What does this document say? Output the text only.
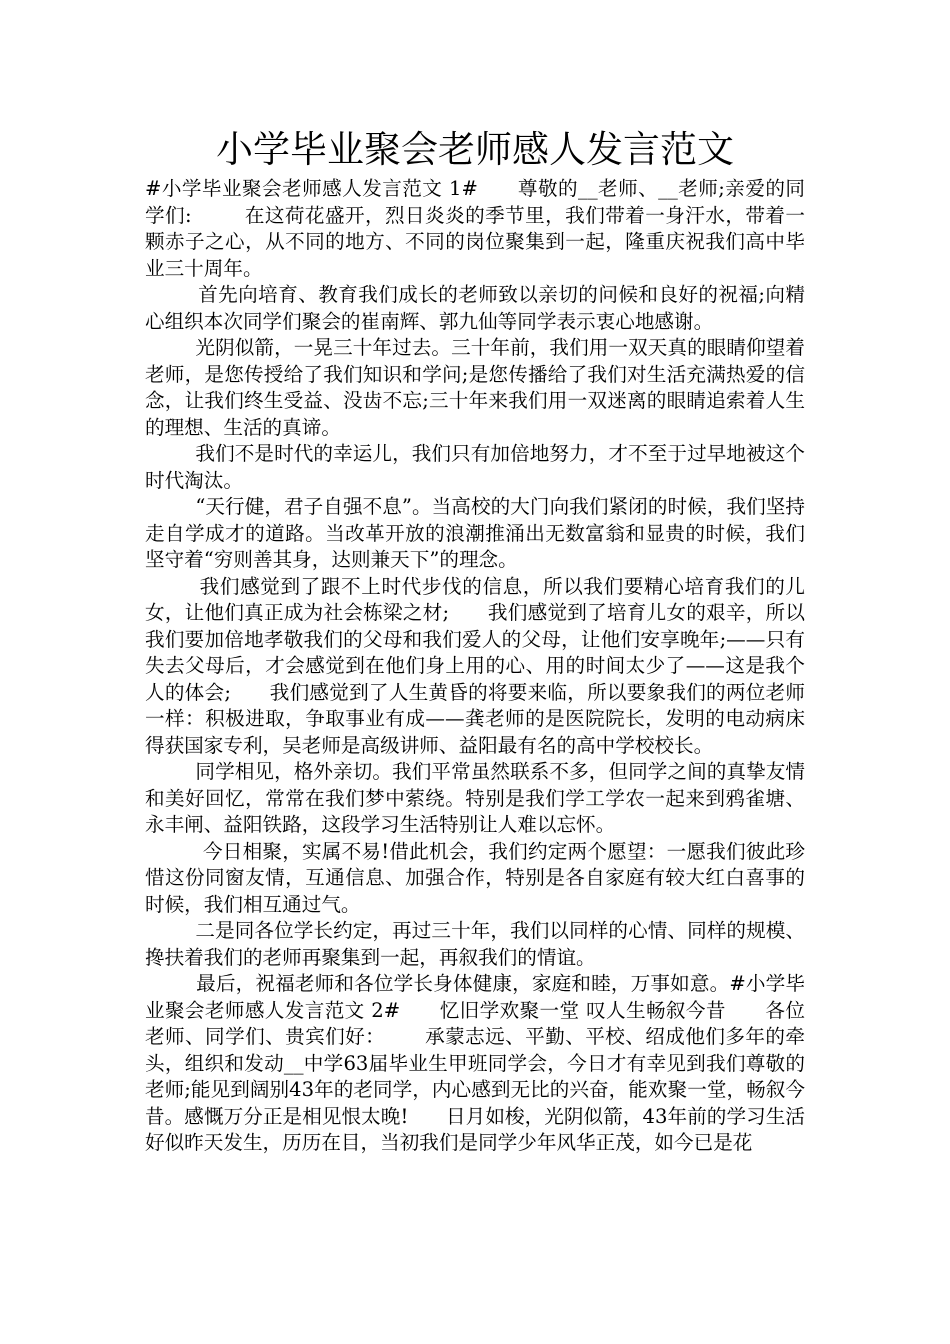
小学毕业聚会老师感人发言范文

#小学毕业聚会老师感人发言范文 1#      尊敬的__老师、__老师;亲爱的同学们:        在这荷花盛开，烈日炎炎的季节里，我们带着一身汗水，带着一颗赤子之心，从不同的地方、不同的岗位聚集到一起，隆重庆祝我们高中毕业三十周年。

首先向培育、教育我们成长的老师致以亲切的问候和良好的祝福;向精心组织本次同学们聚会的崔南辉、郭九仙等同学表示衷心地感谢。

光阴似箭，一晃三十年过去。三十年前，我们用一双天真的眼睛仰望着老师，是您传授给了我们知识和学问;是您传播给了我们对生活充满热爱的信念，让我们终生受益、没齿不忘;三十年来我们用一双迷离的眼睛追索着人生的理想、生活的真谛。

我们不是时代的幸运儿，我们只有加倍地努力，才不至于过早地被这个时代淘汰。

“天行健，君子自强不息”。当高校的大门向我们紧闭的时候，我们坚持走自学成才的道路。当改革开放的浪潮推涌出无数富翁和显贵的时候，我们坚守着“穷则善其身，达则兼天下”的理念。

我们感觉到了跟不上时代步伐的信息，所以我们要精心培育我们的儿女，让他们真正成为社会栋梁之材;      我们感觉到了培育儿女的艰辛，所以我们要加倍地孝敬我们的父母和我们爱人的父母，让他们安享晚年;——只有失去父母后，才会感觉到在他们身上用的心、用的时间太少了——这是我个人的体会;      我们感觉到了人生黄昏的将要来临，所以要象我们的两位老师一样：积极进取，争取事业有成——龚老师的是医院院长，发明的电动病床得获国家专利，吴老师是高级讲师、益阳最有名的高中学校校长。

同学相见，格外亲切。我们平常虽然联系不多，但同学之间的真挚友情和美好回忆，常常在我们梦中萦绕。特别是我们学工学农一起来到鸦雀塘、永丰闸、益阳铁路，这段学习生活特别让人难以忘怀。

今日相聚，实属不易!借此机会，我们约定两个愿望：一愿我们彼此珍惜这份同窗友情，互通信息、加强合作，特别是各自家庭有较大红白喜事的时候，我们相互通过气。

二是同各位学长约定，再过三十年，我们以同样的心情、同样的规模、搀扶着我们的老师再聚集到一起，再叙我们的情谊。

最后，祝福老师和各位学长身体健康，家庭和睦，万事如意。#小学毕业聚会老师感人发言范文 2#      忆旧学欢聚一堂 叹人生畅叙今昔      各位老师、同学们、贵宾们好：      承蒙志远、平勤、平校、绍成他们多年的牵头，组织和发动__中学63届毕业生甲班同学会，今日才有幸见到我们尊敬的老师;能见到阔别43年的老同学，内心感到无比的兴奋，能欢聚一堂，畅叙今昔。感慨万分正是相见恨太晚!      日月如梭，光阴似箭，43年前的学习生活好似昨天发生，历历在目，当初我们是同学少年风华正茂，如今已是花
